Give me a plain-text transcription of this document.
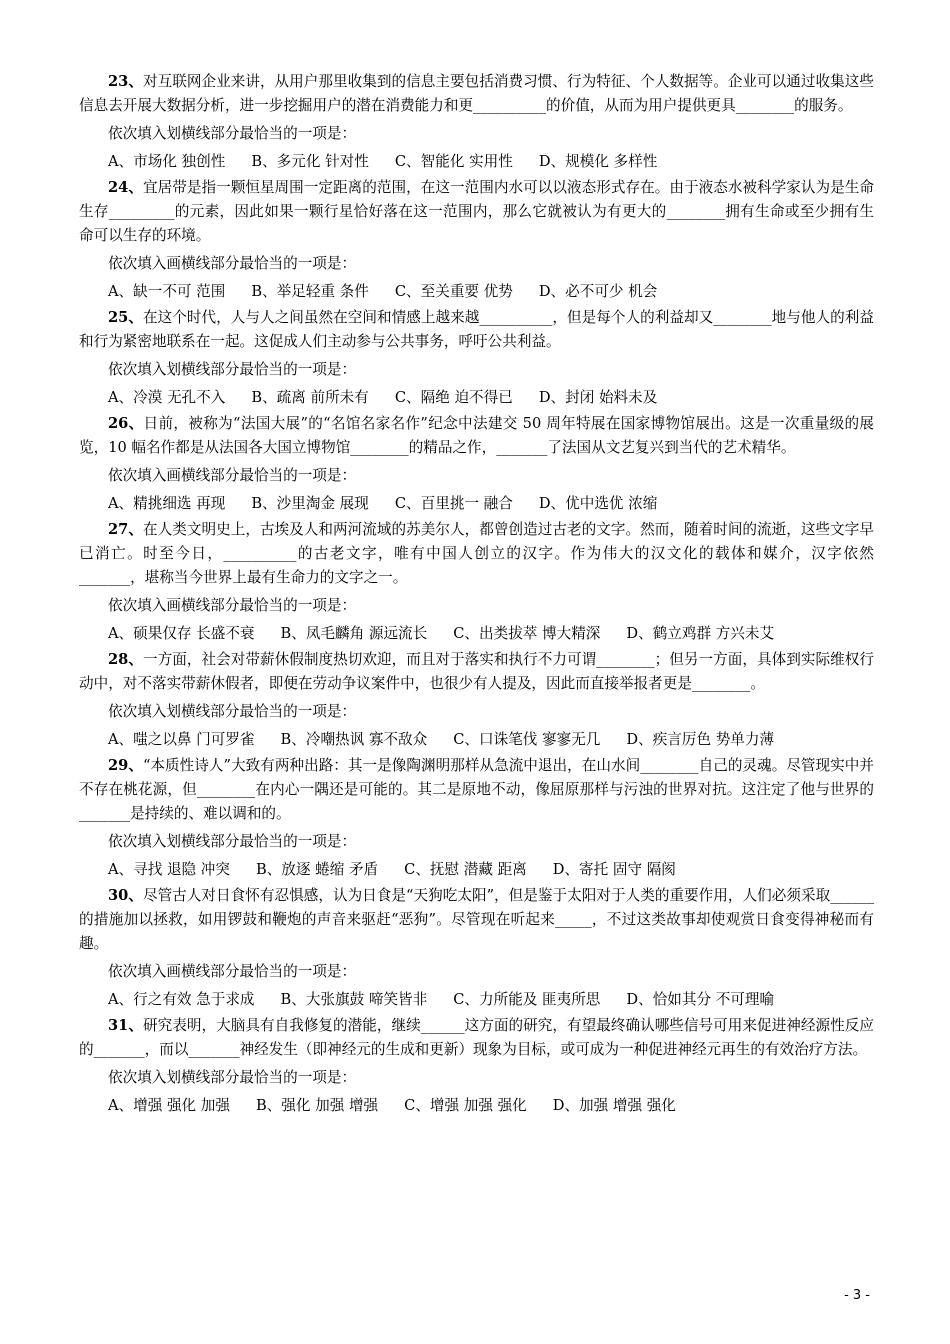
23、对互联网企业来讲，从用户那里收集到的信息主要包括消费习惯、行为特征、个人数据等。企业可以通过收集这些信息去开展大数据分析，进一步挖掘用户的潜在消费能力和更__________的价值，从而为用户提供更具________的服务。

依次填入划横线部分最恰当的一项是：

A、市场化 独创性 B、多元化 针对性 C、智能化 实用性 D、规模化 多样性

24、宜居带是指一颗恒星周围一定距离的范围，在这一范围内水可以以液态形式存在。由于液态水被科学家认为是生命生存_________的元素，因此如果一颗行星恰好落在这一范围内，那么它就被认为有更大的________拥有生命或至少拥有生命可以生存的环境。

依次填入画横线部分最恰当的一项是：

A、缺一不可 范围 B、举足轻重 条件 C、至关重要 优势 D、必不可少 机会

25、在这个时代，人与人之间虽然在空间和情感上越来越__________，但是每个人的利益却又________地与他人的利益和行为紧密地联系在一起。这促成人们主动参与公共事务，呼吁公共利益。

依次填入划横线部分最恰当的一项是：

A、冷漠 无孔不入 B、疏离 前所未有 C、隔绝 迫不得已 D、封闭 始料未及

26、日前，被称为“法国大展”的“名馆名家名作”纪念中法建交 50 周年特展在国家博物馆展出。这是一次重量级的展览，10 幅名作都是从法国各大国立博物馆________的精品之作，_______了法国从文艺复兴到当代的艺术精华。

依次填入画横线部分最恰当的一项是：

A、精挑细选 再现 B、沙里淘金 展现 C、百里挑一 融合 D、优中选优 浓缩

27、在人类文明史上，古埃及人和两河流域的苏美尔人，都曾创造过古老的文字。然而，随着时间的流逝，这些文字早已消亡。时至今日，__________的古老文字，唯有中国人创立的汉字。作为伟大的汉文化的载体和媒介，汉字依然_______，堪称当今世界上最有生命力的文字之一。

依次填入画横线部分最恰当的一项是：

A、硕果仅存 长盛不衰 B、凤毛麟角 源远流长 C、出类拔萃 博大精深 D、鹤立鸡群 方兴未艾

28、一方面，社会对带薪休假制度热切欢迎，而且对于落实和执行不力可谓________；但另一方面，具体到实际维权行动中，对不落实带薪休假者，即便在劳动争议案件中，也很少有人提及，因此而直接举报者更是________。

依次填入划横线部分最恰当的一项是：

A、嗤之以鼻 门可罗雀 B、冷嘲热讽 寡不敌众 C、口诛笔伐 寥寥无几 D、疾言厉色 势单力薄

29、“本质性诗人”大致有两种出路：其一是像陶渊明那样从急流中退出，在山水间________自己的灵魂。尽管现实中并不存在桃花源，但________在内心一隅还是可能的。其二是原地不动，像屈原那样与污浊的世界对抗。这注定了他与世界的_______是持续的、难以调和的。

依次填入划横线部分最恰当的一项是：

A、寻找 退隐 冲突 B、放逐 蜷缩 矛盾 C、抚慰 潜藏 距离 D、寄托 固守 隔阂

30、尽管古人对日食怀有忍惧感，认为日食是“天狗吃太阳”，但是鉴于太阳对于人类的重要作用，人们必须采取______的措施加以拯救，如用锣鼓和鞭炮的声音来驱赶“恶狗”。尽管现在听起来_____，不过这类故事却使观赏日食变得神秘而有趣。

依次填入画横线部分最恰当的一项是：

A、行之有效 急于求成 B、大张旗鼓 啼笑皆非 C、力所能及 匪夷所思 D、恰如其分 不可理喻

31、研究表明，大脑具有自我修复的潜能，继续______这方面的研究，有望最终确认哪些信号可用来促进神经源性反应的_______，而以_______神经发生（即神经元的生成和更新）现象为目标，或可成为一种促进神经元再生的有效治疗方法。

依次填入划横线部分最恰当的一项是：

A、增强 强化 加强 B、强化 加强 增强 C、增强 加强 强化 D、加强 增强 强化
- 3 -
